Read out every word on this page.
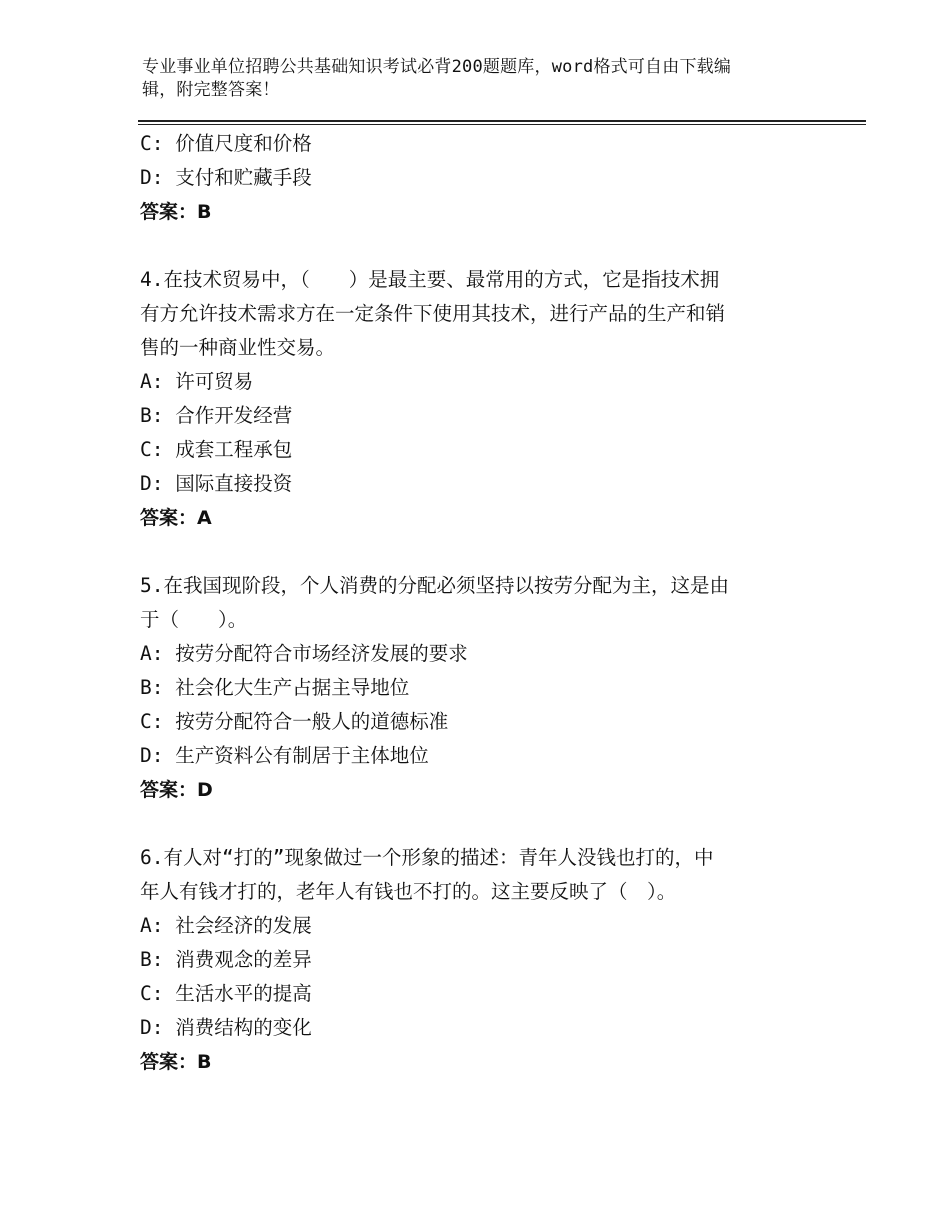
专业事业单位招聘公共基础知识考试必背200题题库，word格式可自由下载编
辑，附完整答案！
C: 价值尺度和价格
D: 支付和贮藏手段
答案：B
4.在技术贸易中，（　　）是最主要、最常用的方式，它是指技术拥
有方允许技术需求方在一定条件下使用其技术，进行产品的生产和销
售的一种商业性交易。
A: 许可贸易
B: 合作开发经营
C: 成套工程承包
D: 国际直接投资
答案：A
5.在我国现阶段，个人消费的分配必须坚持以按劳分配为主，这是由
于（　　）。
A: 按劳分配符合市场经济发展的要求
B: 社会化大生产占据主导地位
C: 按劳分配符合一般人的道德标准
D: 生产资料公有制居于主体地位
答案：D
6.有人对“打的”现象做过一个形象的描述：青年人没钱也打的，中
年人有钱才打的，老年人有钱也不打的。这主要反映了（　）。
A: 社会经济的发展
B: 消费观念的差异
C: 生活水平的提高
D: 消费结构的变化
答案：B
